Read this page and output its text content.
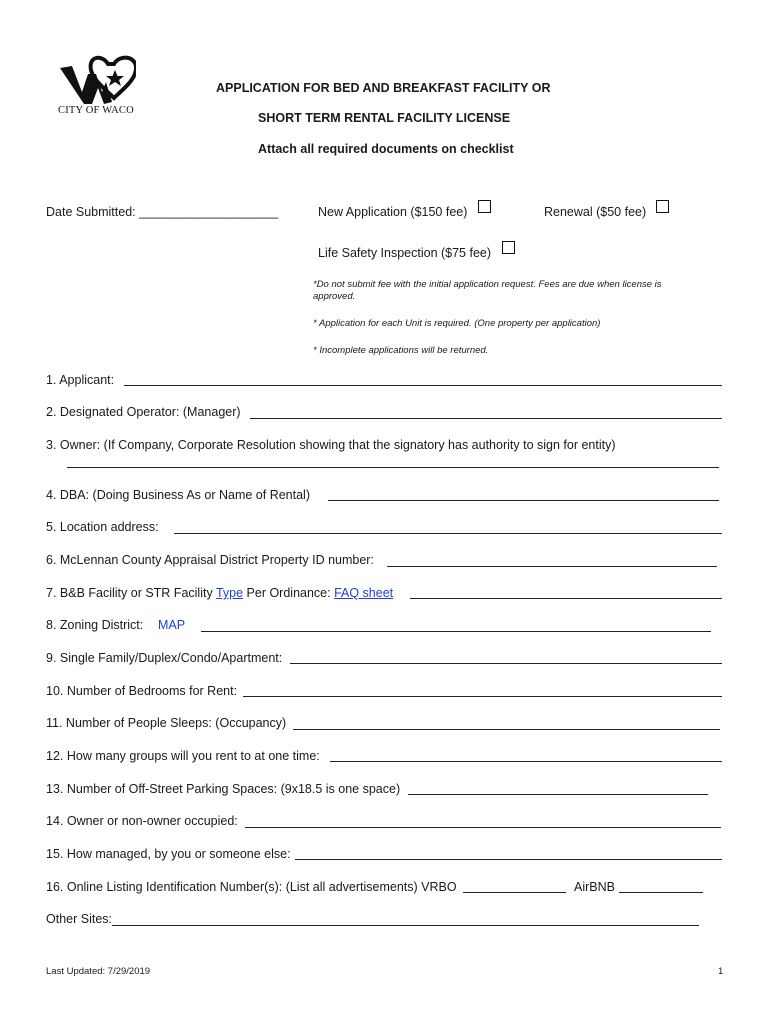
CITY OF WACO
APPLICATION FOR BED AND BREAKFAST FACILITY OR
SHORT TERM RENTAL FACILITY LICENSE
Attach all required documents on checklist
Date Submitted: ____________________	New Application ($150 fee)	Renewal ($50 fee)
Life Safety Inspection ($75 fee)
*Do not submit fee with the initial application request. Fees are due when license is
approved.
* Application for each Unit is required. (One property per application)
* Incomplete applications will be returned.
1. Applicant:
2. Designated Operator: (Manager)
3. Owner: (If Company, Corporate Resolution showing that the signatory has authority to sign for entity)
4. DBA: (Doing Business As or Name of Rental)
5. Location address:
6. McLennan County Appraisal District Property ID number:
7. B&B Facility or STR Facility Type Per Ordinance: FAQ sheet
8. Zoning District: MAP
9. Single Family/Duplex/Condo/Apartment:
10. Number of Bedrooms for Rent:
11. Number of People Sleeps: (Occupancy)
12. How many groups will you rent to at one time:
13. Number of Off-Street Parking Spaces: (9x18.5 is one space)
14. Owner or non-owner occupied:
15. How managed, by you or someone else:
16. Online Listing Identification Number(s): (List all advertisements) VRBO	AirBNB
Other Sites:
Last Updated: 7/29/2019	1
